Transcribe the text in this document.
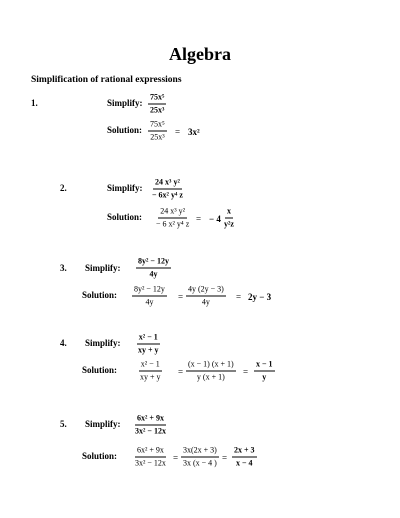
Algebra
Simplification of rational expressions
1.	Simplify: $\frac{\text{75x⁵}}{\text{25x³}}$
Solution: $\frac{\text{75x⁵}}{\text{25x³}} = 3x^2$
2.	Simplify: $\frac{\text{24 x³ y²}}{\text{− 6x² y⁴ z}}$
Solution: $\frac{\text{24 x³ y²}}{\text{− 6 x² y⁴ z}}$ = − $4 \frac{x}{\text{y²z}}$
3. Simplify: $\frac{\text{8y² − 12y}}{4y}$
Solution: $\frac{\text{8y² − 12y}}{4y} = \frac{4y (2y - 3)}{4y} = 2y - 3$
4. Simplify: $\frac{\text{x² − 1}}{xy + y}$
Solution:	$\frac{\text{x² − 1}}{xy + y} = \frac{(x - 1) (x + 1)}{y (x + 1)} = \frac{x - 1}{y}$
5. Simplify: $\frac{\text{6x² + 9x}}{\text{3x² − 12x}}$
Solution: $\frac{\text{6x² + 9x}}{\text{3x² − 12x}} = \frac{3x(2x + 3)}{3x (x - 4 )} = \frac{2x + 3}{x - 4}$
